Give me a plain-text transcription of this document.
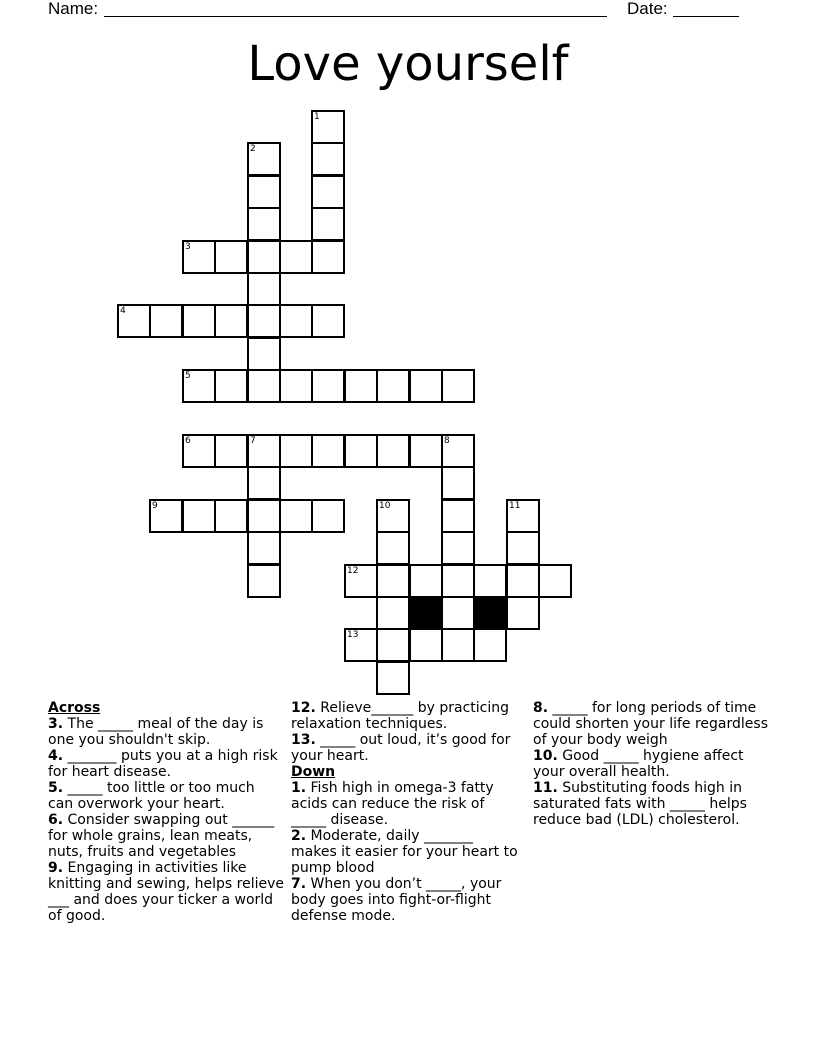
Name:	Date:
Love yourself
1
2
3
4
5
6	7	8
9	10	11
12
13
Across
3. The _____ meal of the day is one you shouldn't skip.
4. _______ puts you at a high risk for heart disease.
5. _____ too little or too much can overwork your heart.
6. Consider swapping out ______ for whole grains, lean meats, nuts, fruits and vegetables
9. Engaging in activities like knitting and sewing, helps relieve ___ and does your ticker a world of good.
12. Relieve______ by practicing relaxation techniques.
13. _____ out loud, it’s good for your heart.
Down
1. Fish high in omega-3 fatty acids can reduce the risk of _____ disease.
2. Moderate, daily _______ makes it easier for your heart to pump blood
7. When you don’t _____, your body goes into fight-or-flight defense mode.
8. _____ for long periods of time could shorten your life regardless of your body weigh
10. Good _____ hygiene affect your overall health.
11. Substituting foods high in saturated fats with _____ helps reduce bad (LDL) cholesterol.
